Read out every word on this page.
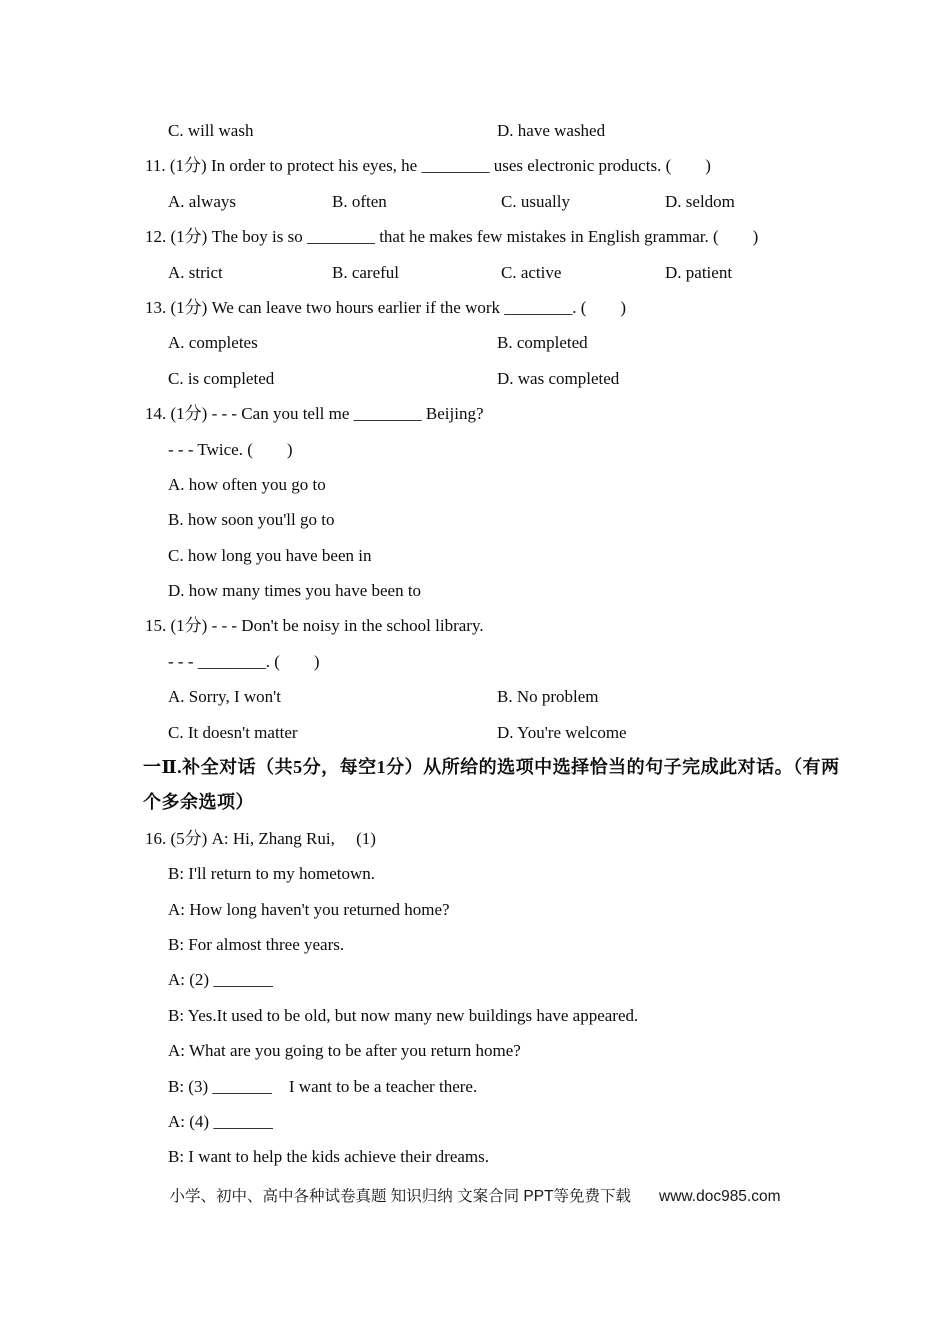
C. will wash	D. have washed
11. (1分) In order to protect his eyes, he ________ uses electronic products. (        )
A. always	B. often	C. usually	D. seldom
12. (1分) The boy is so ________ that he makes few mistakes in English grammar. (        )
A. strict	B. careful	C. active	D. patient
13. (1分) We can leave two hours earlier if the work ________. (        )
A. completes	B. completed
C. is completed	D. was completed
14. (1分) - - - Can you tell me ________ Beijing?
- - - Twice. (        )
A. how often you go to
B. how soon you'll go to
C. how long you have been in
D. how many times you have been to
15. (1分) - - - Don't be noisy in the school library.
- - - ________. (        )
A. Sorry, I won't	B. No problem
C. It doesn't matter	D. You're welcome
一Ⅱ.补全对话（共5分，每空1分）从所给的选项中选择恰当的句子完成此对话。（有两
个多余选项）
16. (5分) A: Hi, Zhang Rui,     (1)
B: I'll return to my hometown.
A: How long haven't you returned home?
B: For almost three years.
A: (2) _______
B: Yes.It used to be old, but now many new buildings have appeared.
A: What are you going to be after you return home?
B: (3) _______    I want to be a teacher there.
A: (4) _______
B: I want to help the kids achieve their dreams.
小学、初中、高中各种试卷真题 知识归纳 文案合同 PPT等免费下载 www.doc985.com
